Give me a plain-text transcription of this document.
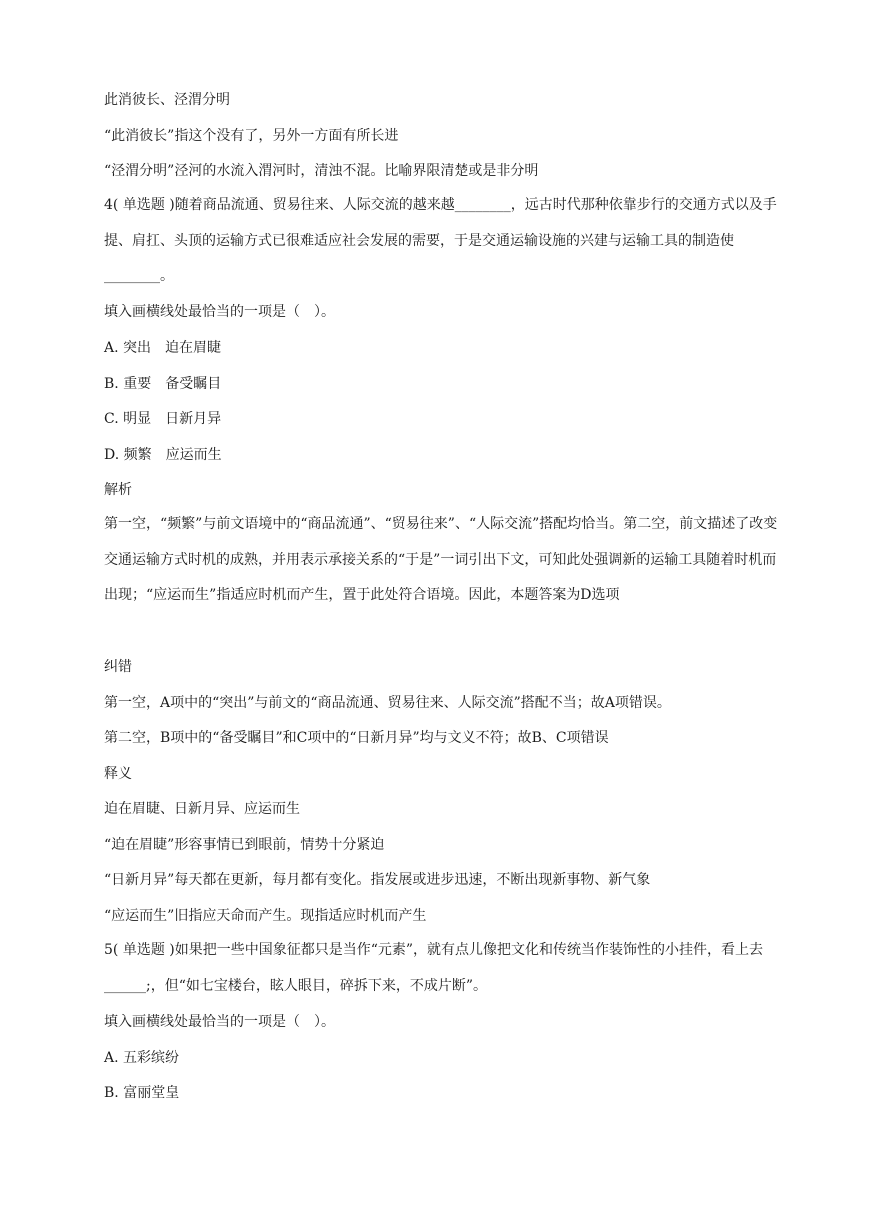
此消彼长、泾渭分明

“此消彼长”指这个没有了，另外一方面有所长进

“泾渭分明”泾河的水流入渭河时，清浊不混。比喻界限清楚或是非分明

4( 单选题 )随着商品流通、贸易往来、人际交流的越来越________，远古时代那种依靠步行的交通方式以及手提、肩扛、头顶的运输方式已很难适应社会发展的需要，于是交通运输设施的兴建与运输工具的制造使________。

填入画横线处最恰当的一项是（　）。

A. 突出　迫在眉睫

B. 重要　备受瞩目

C. 明显　日新月异

D. 频繁　应运而生

解析

第一空，“频繁”与前文语境中的“商品流通”、“贸易往来”、“人际交流”搭配均恰当。第二空，前文描述了改变交通运输方式时机的成熟，并用表示承接关系的“于是”一词引出下文，可知此处强调新的运输工具随着时机而出现；“应运而生”指适应时机而产生，置于此处符合语境。因此，本题答案为D选项

纠错

第一空，A项中的“突出”与前文的“商品流通、贸易往来、人际交流”搭配不当；故A项错误。

第二空，B项中的“备受瞩目”和C项中的“日新月异”均与文义不符；故B、C项错误

释义

迫在眉睫、日新月异、应运而生

“迫在眉睫”形容事情已到眼前，情势十分紧迫

“日新月异”每天都在更新，每月都有变化。指发展或进步迅速，不断出现新事物、新气象

“应运而生”旧指应天命而产生。现指适应时机而产生

5( 单选题 )如果把一些中国象征都只是当作“元素”，就有点儿像把文化和传统当作装饰性的小挂件，看上去______;，但“如七宝楼台，眩人眼目，碎拆下来，不成片断”。

填入画横线处最恰当的一项是（　）。

A. 五彩缤纷

B. 富丽堂皇
